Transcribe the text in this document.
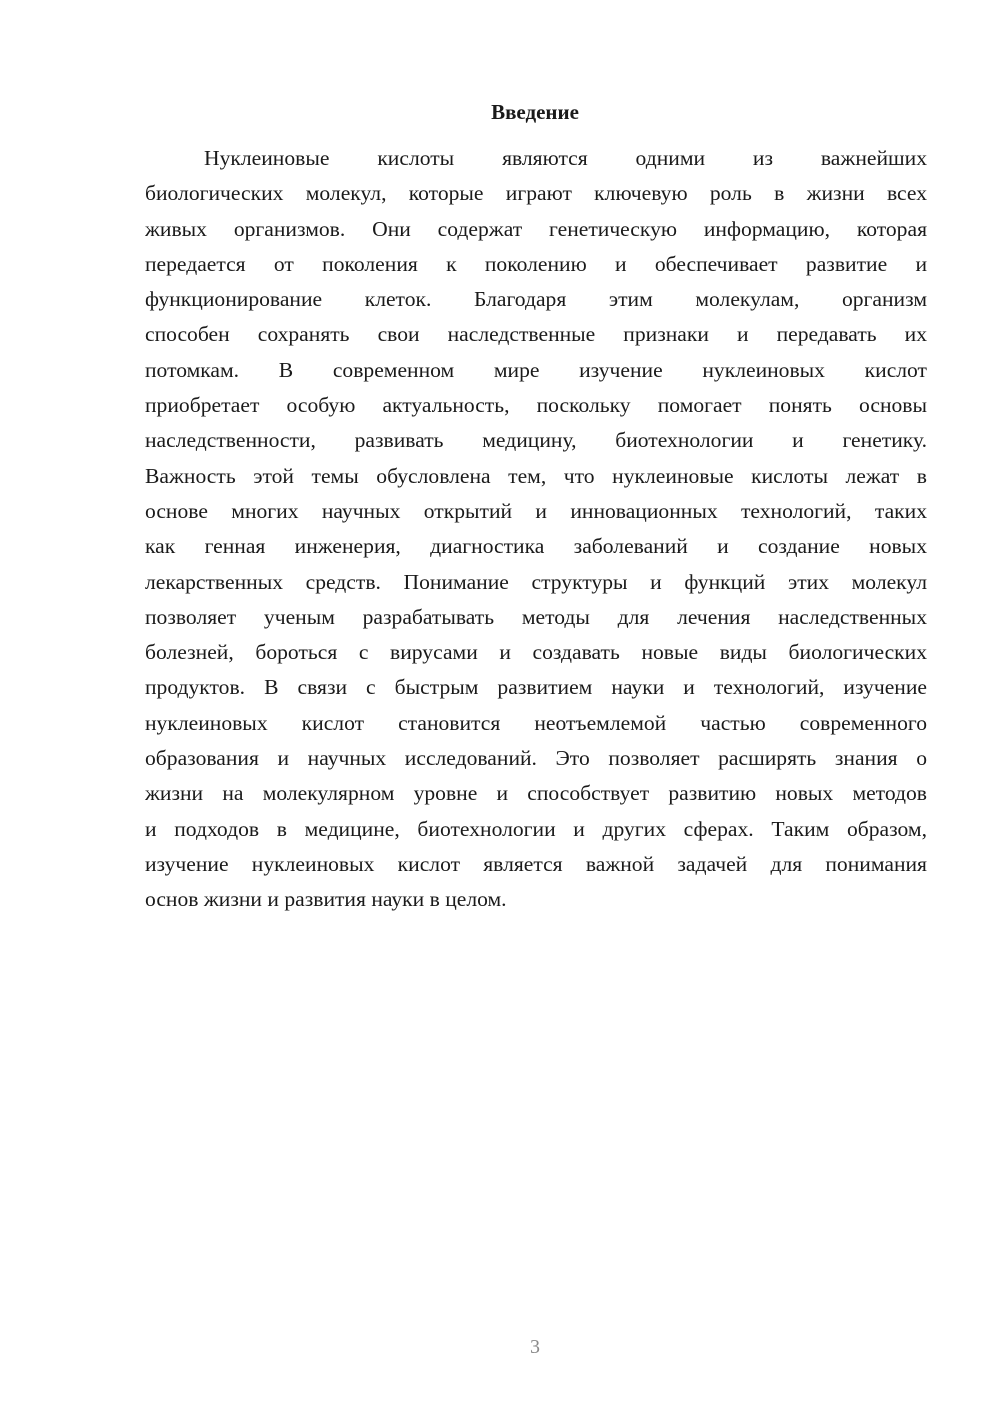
Введение
Нуклеиновые кислоты являются одними из важнейших
биологических молекул, которые играют ключевую роль в жизни всех
живых организмов. Они содержат генетическую информацию, которая
передается от поколения к поколению и обеспечивает развитие и
функционирование клеток. Благодаря этим молекулам, организм
способен сохранять свои наследственные признаки и передавать их
потомкам. В современном мире изучение нуклеиновых кислот
приобретает особую актуальность, поскольку помогает понять основы
наследственности, развивать медицину, биотехнологии и генетику.
Важность этой темы обусловлена тем, что нуклеиновые кислоты лежат в
основе многих научных открытий и инновационных технологий, таких
как генная инженерия, диагностика заболеваний и создание новых
лекарственных средств. Понимание структуры и функций этих молекул
позволяет ученым разрабатывать методы для лечения наследственных
болезней, бороться с вирусами и создавать новые виды биологических
продуктов. В связи с быстрым развитием науки и технологий, изучение
нуклеиновых кислот становится неотъемлемой частью современного
образования и научных исследований. Это позволяет расширять знания о
жизни на молекулярном уровне и способствует развитию новых методов
и подходов в медицине, биотехнологии и других сферах. Таким образом,
изучение нуклеиновых кислот является важной задачей для понимания
основ жизни и развития науки в целом.
3
